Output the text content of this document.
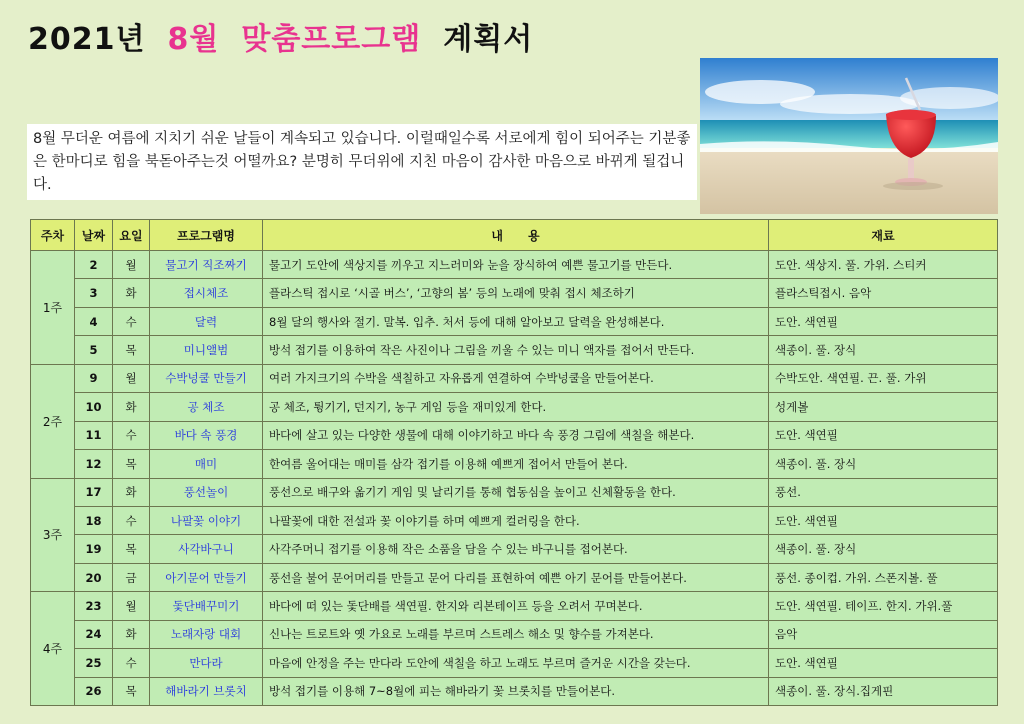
2021년 8월 맞춤프로그램 계획서
8월 무더운 여름에 지치기 쉬운 날들이 계속되고 있습니다. 이럴때일수록 서로에게 힘이 되어주는 기분좋은 한마디로 힘을 북돋아주는것 어떨까요? 분명히 무더위에 지친 마음이 감사한 마음으로 바뀌게 될겁니다.
주차	날짜	요일	프로그램명	내      용	재료
1주	2	월	물고기 직조짜기	물고기 도안에 색상지를 끼우고 지느러미와 눈을 장식하여 예쁜 물고기를 만든다.	도안. 색상지. 풀. 가위. 스티커
	3	화	접시체조	플라스틱 접시로 ‘시골 버스’, ‘고향의 봄’ 등의 노래에 맞춰 접시 체조하기	플라스틱접시. 음악
	4	수	달력	8월 달의 행사와 절기. 말복. 입추. 처서 등에 대해 알아보고 달력을 완성해본다.	도안. 색연필
	5	목	미니앨범	방석 접기를 이용하여 작은 사진이나 그림을 끼울 수 있는 미니 액자를 접어서 만든다.	색종이. 풀. 장식
2주	9	월	수박넝쿨 만들기	여러 가지크기의 수박을 색칠하고 자유롭게 연결하여 수박넝쿨을 만들어본다.	수박도안. 색연필. 끈. 풀. 가위
	10	화	공 체조	공 체조, 튕기기, 던지기, 농구 게임 등을 재미있게 한다.	성게볼
	11	수	바다 속 풍경	바다에 살고 있는 다양한 생물에 대해 이야기하고 바다 속 풍경 그림에 색칠을 해본다.	도안. 색연필
	12	목	매미	한여름 울어대는 매미를 삼각 접기를 이용해 예쁘게 접어서 만들어 본다.	색종이. 풀. 장식
3주	17	화	풍선놀이	풍선으로 배구와 옮기기 게임 및 날리기를 통해 협동심을 높이고 신체활동을 한다.	풍선.
	18	수	나팔꽃 이야기	나팔꽃에 대한 전설과 꽃 이야기를 하며 예쁘게 컬러링을 한다.	도안. 색연필
	19	목	사각바구니	사각주머니 접기를 이용해 작은 소품을 담을 수 있는 바구니를 접어본다.	색종이. 풀. 장식
	20	금	아기문어 만들기	풍선을 불어 문어머리를 만들고 문어 다리를 표현하여 예쁜 아기 문어를 만들어본다.	풍선. 종이컵. 가위. 스폰지볼. 풀
4주	23	월	돛단배꾸미기	바다에 떠 있는 돛단배를 색연필. 한지와 리본테이프 등을 오려서 꾸며본다.	도안. 색연필. 테이프. 한지. 가위.풀
	24	화	노래자랑 대회	신나는 트로트와 옛 가요로 노래를 부르며 스트레스 해소 및 향수를 가져본다.	음악
	25	수	만다라	마음에 안정을 주는 만다라 도안에 색칠을 하고 노래도 부르며 즐거운 시간을 갖는다.	도안. 색연필
	26	목	해바라기 브롯치	방석 접기를 이용해 7~8월에 피는 해바라기 꽃 브롯치를 만들어본다.	색종이. 풀. 장식.집게핀
